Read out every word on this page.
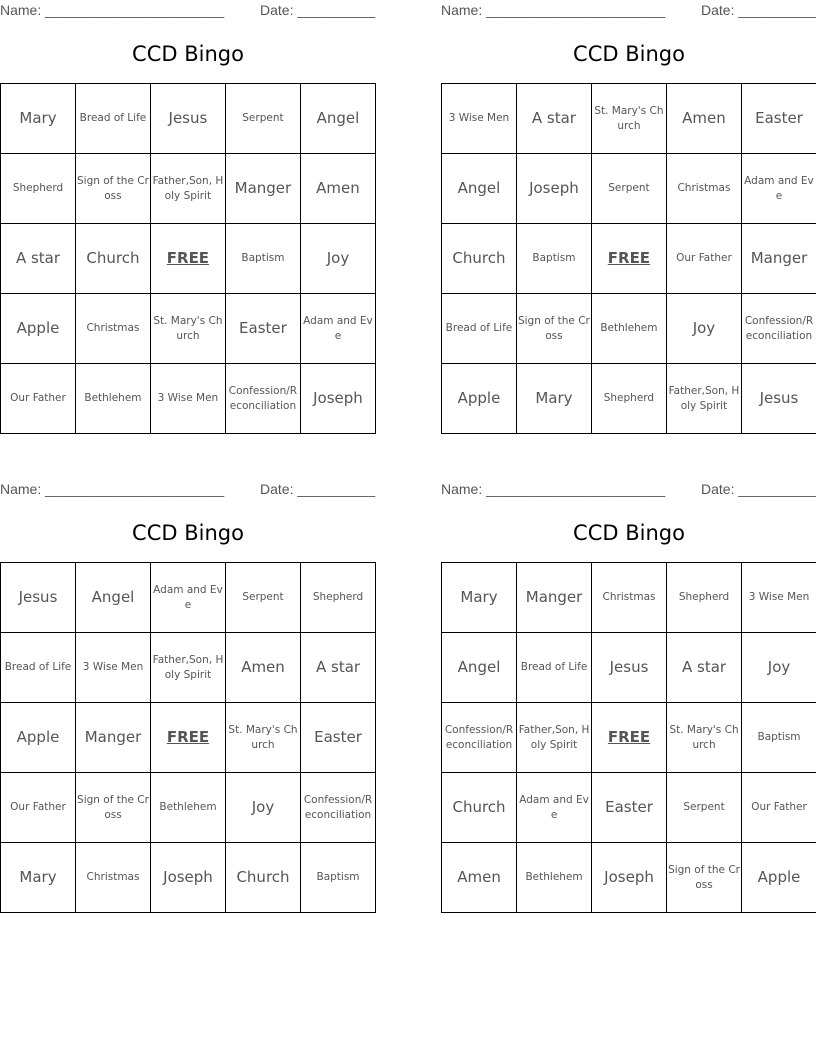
Name: _______________________	Date: __________
CCD Bingo
Mary	Bread of Life	Jesus	Serpent	Angel
Shepherd	Sign of the Cross	Father,Son, Holy Spirit	Manger	Amen
A star	Church	FREE	Baptism	Joy
Apple	Christmas	St. Mary's Church	Easter	Adam and Eve
Our Father	Bethlehem	3 Wise Men	Confession/Reconciliation	Joseph
Name: _______________________	Date: __________
CCD Bingo
3 Wise Men	A star	St. Mary's Church	Amen	Easter
Angel	Joseph	Serpent	Christmas	Adam and Eve
Church	Baptism	FREE	Our Father	Manger
Bread of Life	Sign of the Cross	Bethlehem	Joy	Confession/Reconciliation
Apple	Mary	Shepherd	Father,Son, Holy Spirit	Jesus
Name: _______________________	Date: __________
CCD Bingo
Jesus	Angel	Adam and Eve	Serpent	Shepherd
Bread of Life	3 Wise Men	Father,Son, Holy Spirit	Amen	A star
Apple	Manger	FREE	St. Mary's Church	Easter
Our Father	Sign of the Cross	Bethlehem	Joy	Confession/Reconciliation
Mary	Christmas	Joseph	Church	Baptism
Name: _______________________	Date: __________
CCD Bingo
Mary	Manger	Christmas	Shepherd	3 Wise Men
Angel	Bread of Life	Jesus	A star	Joy
Confession/Reconciliation	Father,Son, Holy Spirit	FREE	St. Mary's Church	Baptism
Church	Adam and Eve	Easter	Serpent	Our Father
Amen	Bethlehem	Joseph	Sign of the Cross	Apple
